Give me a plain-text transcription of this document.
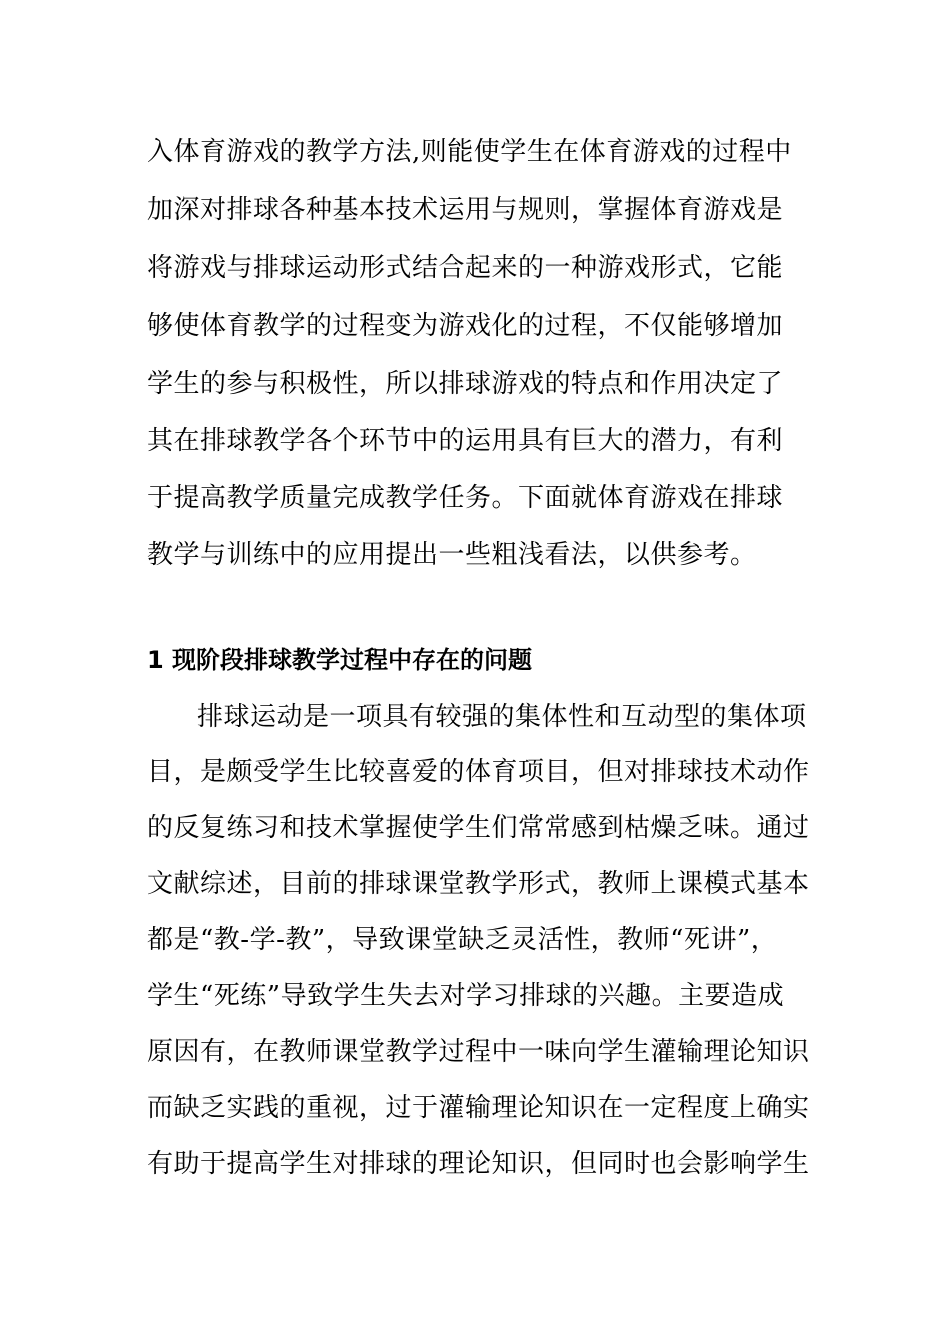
入体育游戏的教学方法,则能使学生在体育游戏的过程中
加深对排球各种基本技术运用与规则，掌握体育游戏是
将游戏与排球运动形式结合起来的一种游戏形式，它能
够使体育教学的过程变为游戏化的过程，不仅能够增加
学生的参与积极性，所以排球游戏的特点和作用决定了
其在排球教学各个环节中的运用具有巨大的潜力，有利
于提高教学质量完成教学任务。下面就体育游戏在排球
教学与训练中的应用提出一些粗浅看法，以供参考。
1 现阶段排球教学过程中存在的问题
排球运动是一项具有较强的集体性和互动型的集体项
目，是颇受学生比较喜爱的体育项目，但对排球技术动作
的反复练习和技术掌握使学生们常常感到枯燥乏味。通过
文献综述，目前的排球课堂教学形式，教师上课模式基本
都是“教-学-教”，导致课堂缺乏灵活性，教师“死讲”，
学生“死练”导致学生失去对学习排球的兴趣。主要造成
原因有，在教师课堂教学过程中一味向学生灌输理论知识
而缺乏实践的重视，过于灌输理论知识在一定程度上确实
有助于提高学生对排球的理论知识，但同时也会影响学生
